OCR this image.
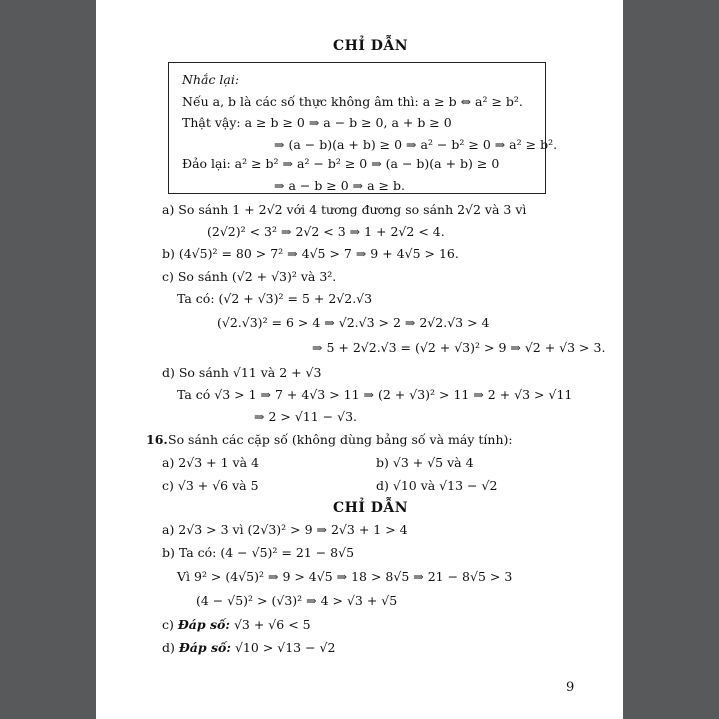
CHỈ DẪN
Nhắc lại:
Nếu a, b là các số thực không âm thì: a ≥ b ⇔ a² ≥ b².
Thật vậy: a ≥ b ≥ 0 ⇒ a − b ≥ 0, a + b ≥ 0
⇒ (a − b)(a + b) ≥ 0 ⇒ a² − b² ≥ 0 ⇒ a² ≥ b².
Đảo lại: a² ≥ b² ⇒ a² − b² ≥ 0 ⇒ (a − b)(a + b) ≥ 0
⇒ a − b ≥ 0 ⇒ a ≥ b.
a) So sánh 1 + 2√2 với 4 tương đương so sánh 2√2 và 3 vì
(2√2)² < 3² ⇒ 2√2 < 3 ⇒ 1 + 2√2 < 4.
b) (4√5)² = 80 > 7² ⇒ 4√5 > 7 ⇒ 9 + 4√5 > 16.
c) So sánh (√2 + √3)² và 3².
Ta có: (√2 + √3)² = 5 + 2√2.√3
(√2.√3)² = 6 > 4 ⇒ √2.√3 > 2 ⇒ 2√2.√3 > 4
⇒ 5 + 2√2.√3 = (√2 + √3)² > 9 ⇒ √2 + √3 > 3.
d) So sánh √11 và 2 + √3
Ta có √3 > 1 ⇒ 7 + 4√3 > 11 ⇒ (2 + √3)² > 11 ⇒ 2 + √3 > √11
⇒ 2 > √11 − √3.
16. So sánh các cặp số (không dùng bảng số và máy tính):
a) 2√3 + 1 và 4	b) √3 + √5 và 4
c) √3 + √6 và 5	d) √10 và √13 − √2
CHỈ DẪN
a) 2√3 > 3 vì (2√3)² > 9 ⇒ 2√3 + 1 > 4
b) Ta có: (4 − √5)² = 21 − 8√5
Vì 9² > (4√5)² ⇒ 9 > 4√5 ⇒ 18 > 8√5 ⇒ 21 − 8√5 > 3
(4 − √5)² > (√3)² ⇒ 4 > √3 + √5
c) Đáp số: √3 + √6 < 5
d) Đáp số: √10 > √13 − √2
9
